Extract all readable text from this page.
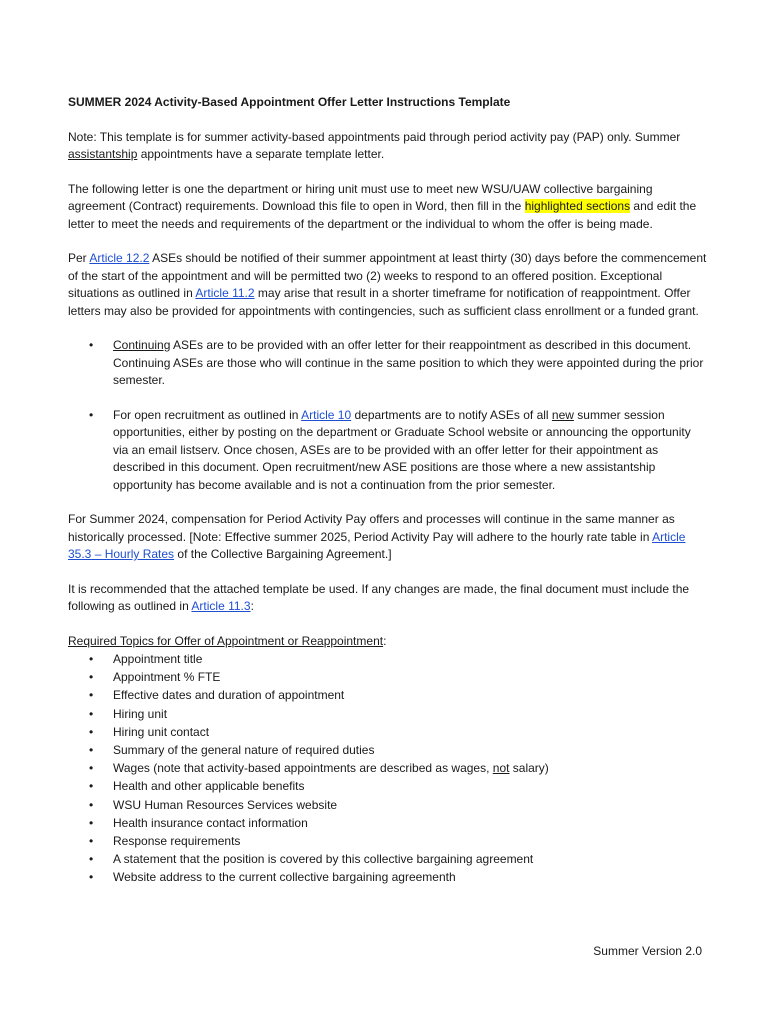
SUMMER 2024 Activity-Based Appointment Offer Letter Instructions Template

Note: This template is for summer activity-based appointments paid through period activity pay (PAP) only. Summer assistantship appointments have a separate template letter.

The following letter is one the department or hiring unit must use to meet new WSU/UAW collective bargaining agreement (Contract) requirements. Download this file to open in Word, then fill in the highlighted sections and edit the letter to meet the needs and requirements of the department or the individual to whom the offer is being made.

Per Article 12.2 ASEs should be notified of their summer appointment at least thirty (30) days before the commencement of the start of the appointment and will be permitted two (2) weeks to respond to an offered position. Exceptional situations as outlined in Article 11.2 may arise that result in a shorter timeframe for notification of reappointment. Offer letters may also be provided for appointments with contingencies, such as sufficient class enrollment or a funded grant.

• Continuing ASEs are to be provided with an offer letter for their reappointment as described in this document. Continuing ASEs are those who will continue in the same position to which they were appointed during the prior semester.
• For open recruitment as outlined in Article 10 departments are to notify ASEs of all new summer session opportunities, either by posting on the department or Graduate School website or announcing the opportunity via an email listserv. Once chosen, ASEs are to be provided with an offer letter for their appointment as described in this document. Open recruitment/new ASE positions are those where a new assistantship opportunity has become available and is not a continuation from the prior semester.

For Summer 2024, compensation for Period Activity Pay offers and processes will continue in the same manner as historically processed. [Note: Effective summer 2025, Period Activity Pay will adhere to the hourly rate table in Article 35.3 – Hourly Rates of the Collective Bargaining Agreement.]

It is recommended that the attached template be used. If any changes are made, the final document must include the following as outlined in Article 11.3:

Required Topics for Offer of Appointment or Reappointment:
• Appointment title
• Appointment % FTE
• Effective dates and duration of appointment
• Hiring unit
• Hiring unit contact
• Summary of the general nature of required duties
• Wages (note that activity-based appointments are described as wages, not salary)
• Health and other applicable benefits
• WSU Human Resources Services website
• Health insurance contact information
• Response requirements
• A statement that the position is covered by this collective bargaining agreement
• Website address to the current collective bargaining agreementh
Summer Version 2.0
